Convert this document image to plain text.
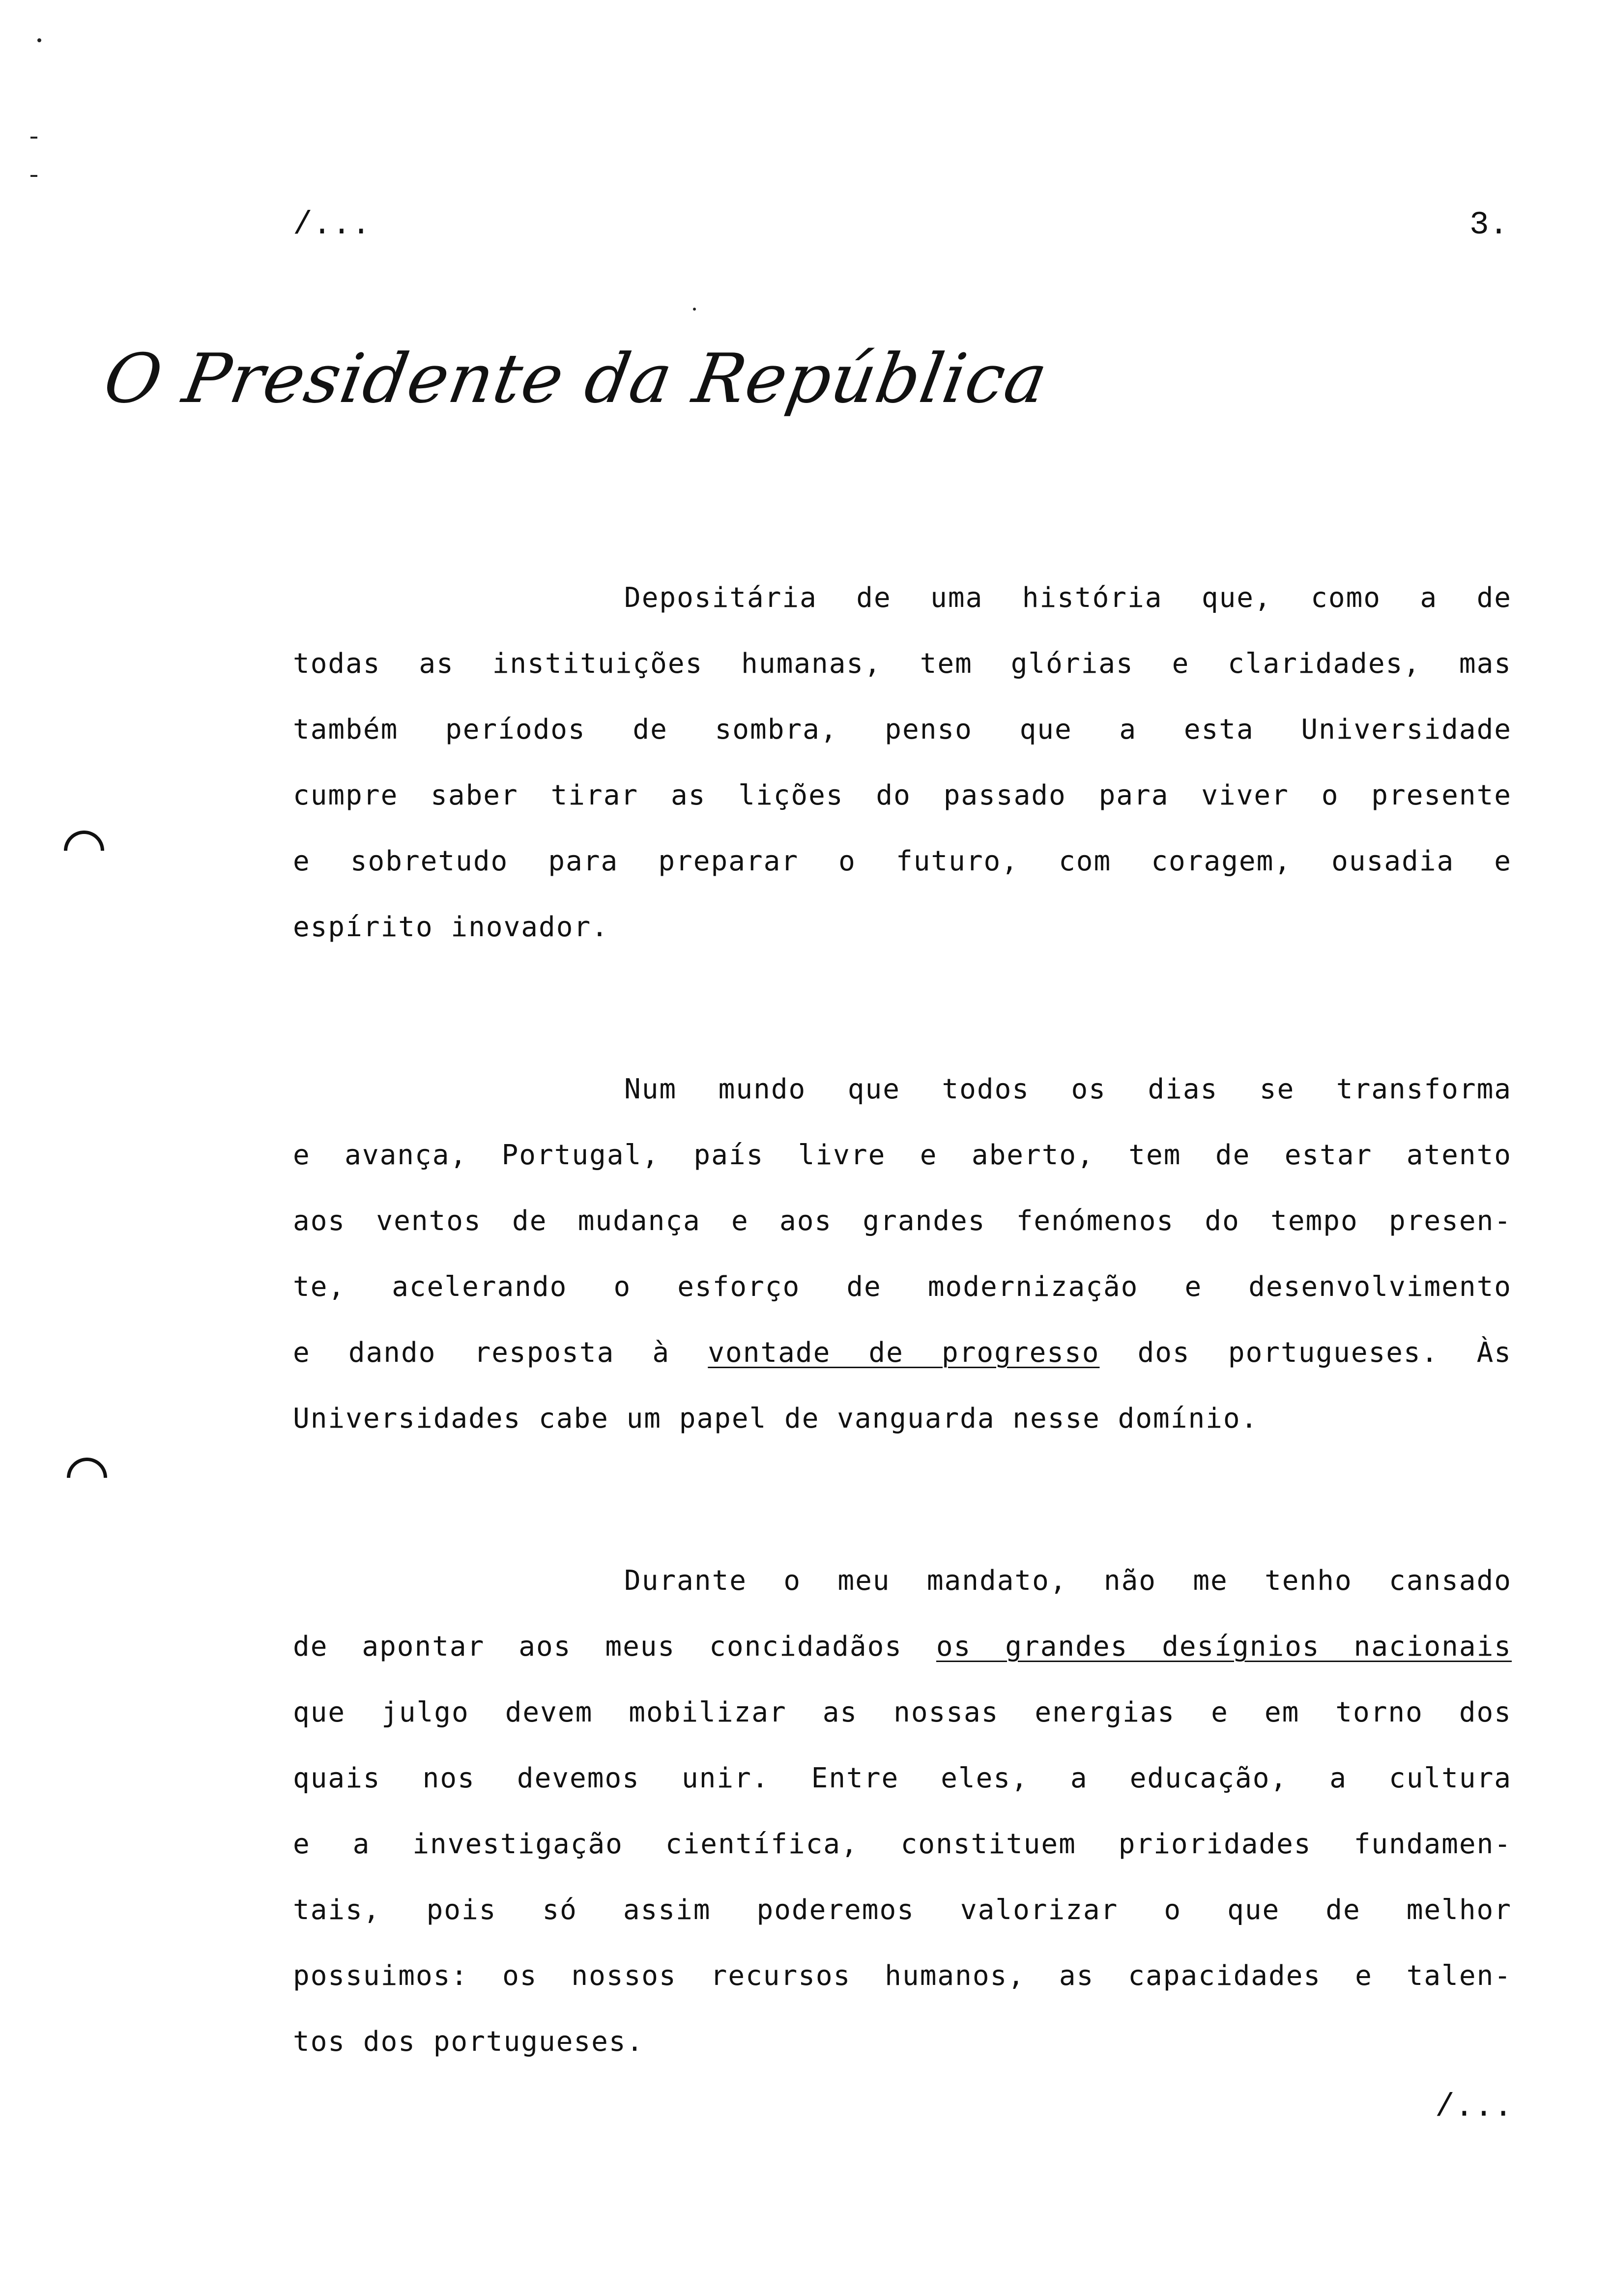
/...	3.
O Presidente da República
Depositária de uma história que, como a de
todas as instituições humanas, tem glórias e claridades, mas
também períodos de sombra, penso que a esta Universidade
cumpre saber tirar as lições do passado para viver o presente
e sobretudo para preparar o futuro, com coragem, ousadia e
espírito inovador.
Num mundo que todos os dias se transforma
e avança, Portugal, país livre e aberto, tem de estar atento
aos ventos de mudança e aos grandes fenómenos do tempo presen-
te, acelerando o esforço de modernização e desenvolvimento
e dando resposta à vontade de progresso dos portugueses. Às
Universidades cabe um papel de vanguarda nesse domínio.
Durante o meu mandato, não me tenho cansado
de apontar aos meus concidadãos os grandes desígnios nacionais
que julgo devem mobilizar as nossas energias e em torno dos
quais nos devemos unir. Entre eles, a educação, a cultura
e a investigação científica, constituem prioridades fundamen-
tais, pois só assim poderemos valorizar o que de melhor
possuimos: os nossos recursos humanos, as capacidades e talen-
tos dos portugueses.
/...
